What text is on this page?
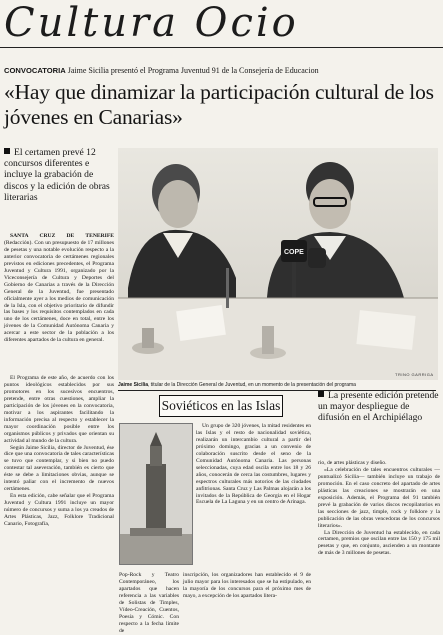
Cultura Ocio
CONVOCATORIA Jaime Sicilia presentó el Programa Juventud 91 de la Consejería de Educacion
«Hay que dinamizar la participación cultural de los jóvenes en Canarias»
El certamen prevé 12 concursos diferentes e incluye la grabación de discos y la edición de obras literarias

SANTA CRUZ DE TENERIFE (Redacción). Con un presupuesto de 17 millones de pesetas y una notable evolución respecto a la anterior convocatoria de certámenes regionales previstos en ediciones precedentes, el Programa Juventud y Cultura 1991, organizado por la Viceconsejería de Cultura y Deportes del Gobierno de Canarias a través de la Dirección General de la Juventud, fue presentado oficialmente ayer a los medios de comunicación de la Isla, con el objetivo prioritario de difundir las bases y los requisitos contemplados en cada uno de los certámenes, doce en total, entre los jóvenes de la Comunidad Autónoma Canaria y acercar a este sector de la población a los diferentes apartados de la cultura en general.

El Programa de este año, de acuerdo con los puntos ideológicos establecidos por sus promotores en los sucesivos encuentros, pretende, entre otras cuestiones, ampliar la participación de los jóvenes en la convocatoria, motivar a los aspirantes facilitando la información precisa al respecto y establecer la mayor coordinación posible entre los organismos públicos y privados que orientan su actividad al mundo de la cultura.

Según Jaime Sicilia, director de Juventud, ése dice que una convocatoria de tales características se tuvo que contemplar, y si bien no puedo contestar tal aseveración, también es cierto que éste se debe a limitaciones obvias, aunque se intentó paliar con el incremento de nuevos certámenes.

En esta edición, cabe señalar que el Programa Juventud y Cultura 1991 incluye un mayor número de concursos y suma a los ya creados de Artes Plásticas, Jazz, Folklore Tradicional Canario, Fotografía,

COPE
TRINO GARRIGA
Jaime Sicilia, titular de la Dirección General de Juventud, en un momento de la presentación del programa
Soviéticos en las Islas

Un grupo de 320 jóvenes, la mitad residentes en las Islas y el resto de nacionalidad soviética, realizarán un intercambio cultural a partir del próximo domingo, gracias a un convenio de colaboración suscrito desde el seno de la Comunidad Autónoma Canaria. Las personas seleccionadas, cuya edad oscila entre los 18 y 26 años, conocerán de cerca las costumbres, lugares y espectros culturales más notorios de las ciudades anfitrionas. Santa Cruz y Las Palmas alojarán a los invitados de la República de Georgia en el Hogar Escuela de La Laguna y en un centro de Arinaga.

Pop-Rock y Teatro Contemporáneo, los apartados que hacen referencia a las variables de Solistas de Timples, Vídeo-Creación, Cuentos, Poesía y Cómic. Con respecto a la fecha límite de

inscripción, los organizadores han establecido el 9 de julio mayor para los interesados que se ha estipulado, en la mayoría de los concursos para el próximo mes de mayo, a excepción de los apartados litera-

La presente edición pretende un mayor despliegue de difusión en el Archipiélago

rio, de artes plásticas y diseño.

«La celebración de tales encuentros culturales —puntualizó Sicilia— también incluye un trabajo de promoción. En el caso concreto del apartado de artes plásticas las creaciones se mostrarán en una exposición. Además, el Programa del 91 también prevé la grabación de varios discos recopilatorios en las secciones de jazz, timple, rock y folklore y la publicación de las obras vencedoras de los concursos literarios».

La Dirección de Juventud ha establecido, en cada certamen, premios que oscilan entre las 150 y 175 mil pesetas y que, en conjunto, ascienden a un montante de más de 3 millones de pesetas.
